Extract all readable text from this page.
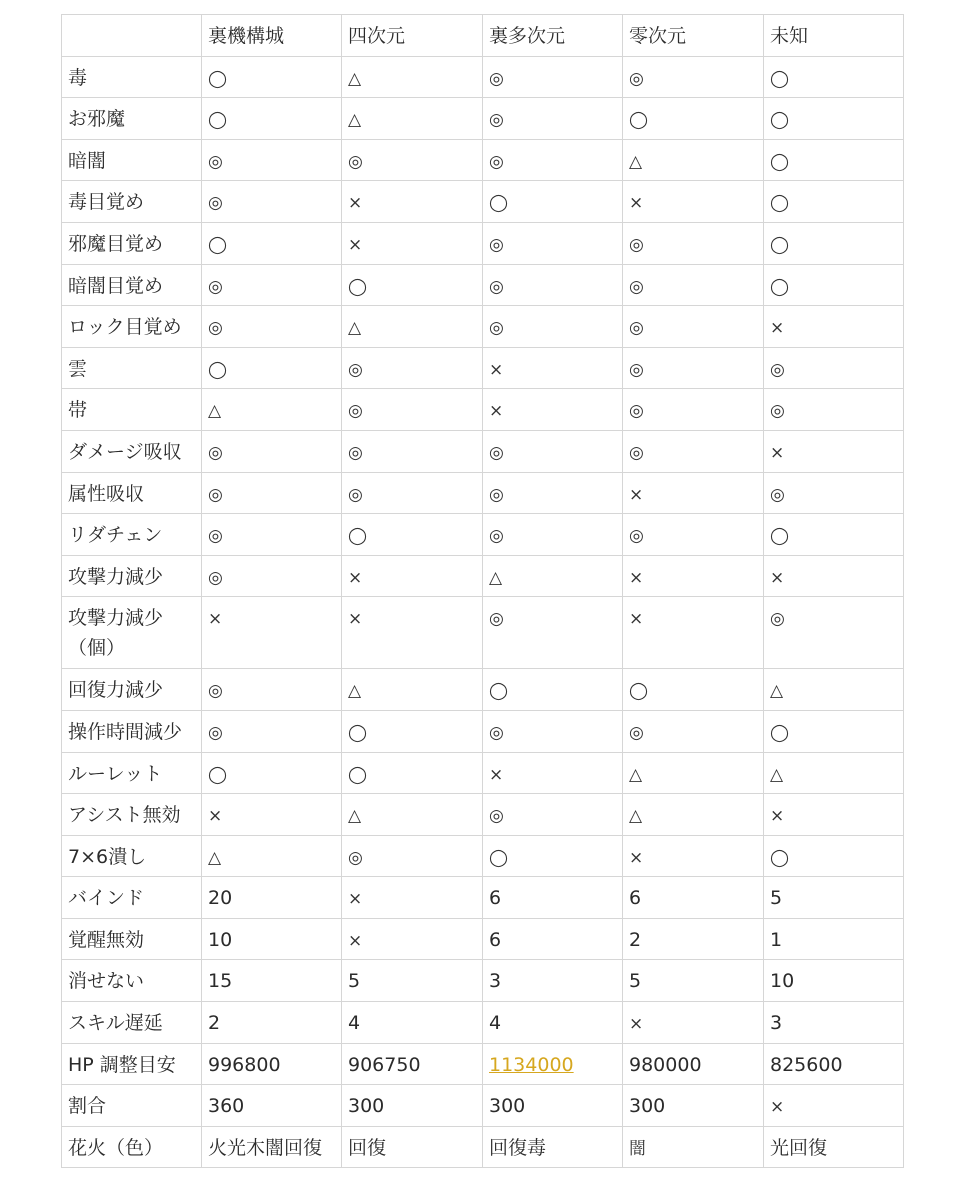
	裏機構城	四次元	裏多次元	零次元	未知
毒	◯	△	◎	◎	◯
お邪魔	◯	△	◎	◯	◯
暗闇	◎	◎	◎	△	◯
毒目覚め	◎	×	◯	×	◯
邪魔目覚め	◯	×	◎	◎	◯
暗闇目覚め	◎	◯	◎	◎	◯
ロック目覚め	◎	△	◎	◎	×
雲	◯	◎	×	◎	◎
帯	△	◎	×	◎	◎
ダメージ吸収	◎	◎	◎	◎	×
属性吸収	◎	◎	◎	×	◎
リダチェン	◎	◯	◎	◎	◯
攻撃力減少	◎	×	△	×	×
攻撃力減少（個）	×	×	◎	×	◎
回復力減少	◎	△	◯	◯	△
操作時間減少	◎	◯	◎	◎	◯
ルーレット	◯	◯	×	△	△
アシスト無効	×	△	◎	△	×
7×6潰し	△	◎	◯	×	◯
バインド	20	×	6	6	5
覚醒無効	10	×	6	2	1
消せない	15	5	3	5	10
スキル遅延	2	4	4	×	3
HP 調整目安	996800	906750	1134000	980000	825600
割合	360	300	300	300	×
花火（色）	火光木闇回復	回復	回復毒	闇	光回復
